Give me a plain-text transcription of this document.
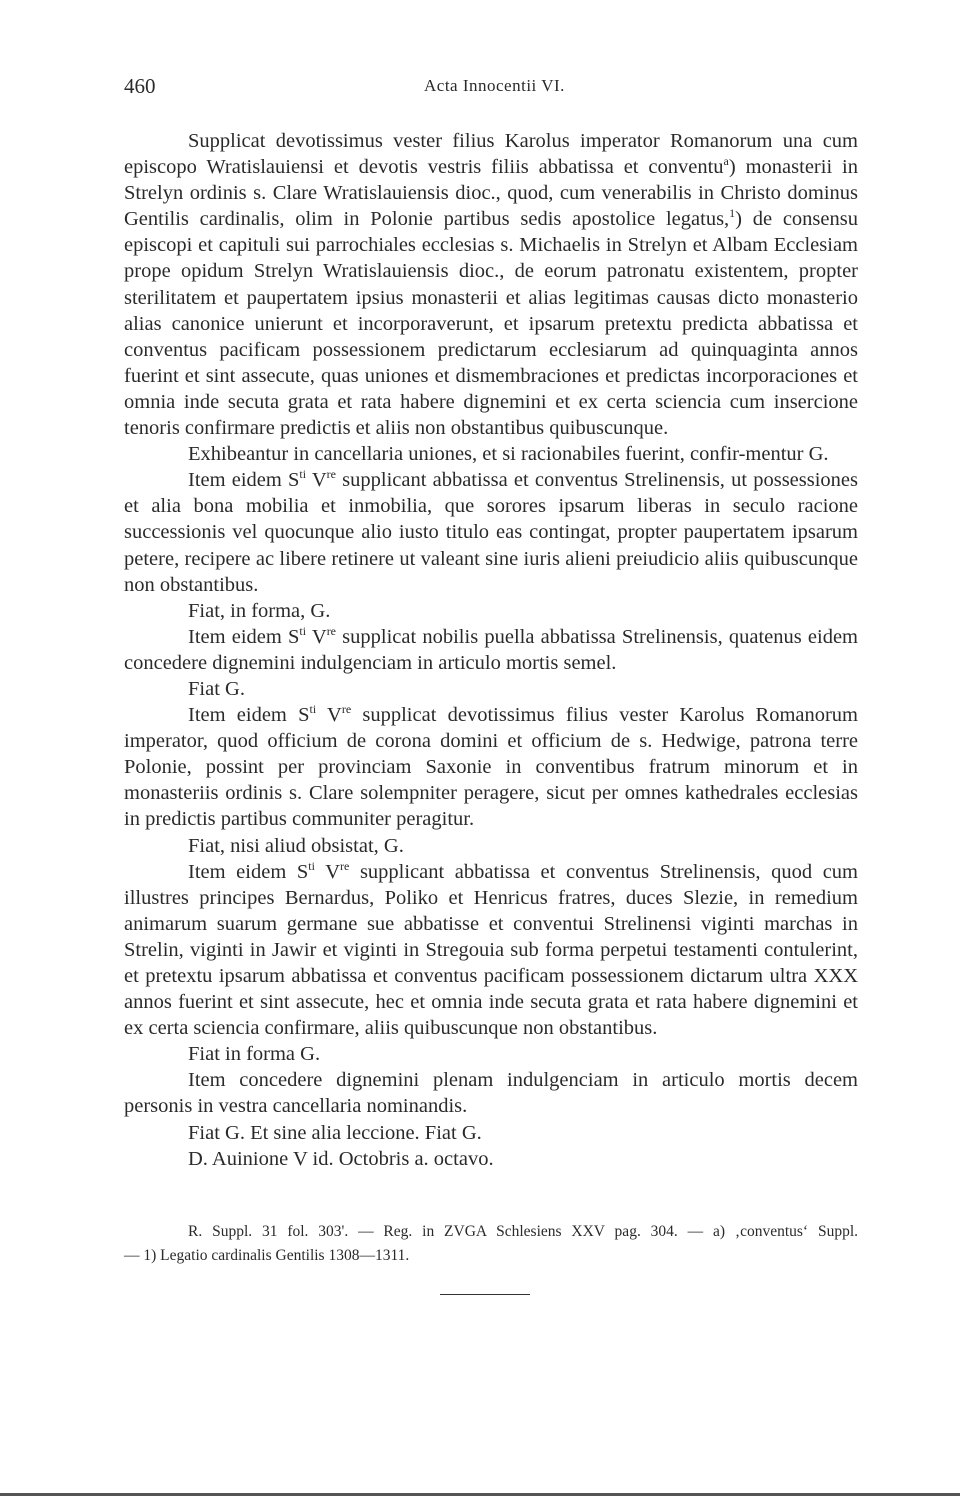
460	Acta Innocentii VI.

Supplicat devotissimus vester filius Karolus imperator Romanorum una cum episcopo Wratislauiensi et devotis vestris filiis abbatissa et conventu$^a$) monasterii in Strelyn ordinis s. Clare Wratislauiensis dioc., quod, cum venerabilis in Christo dominus Gentilis cardinalis, olim in Polonie partibus sedis apostolice legatus,$^1$) de consensu episcopi et capituli sui parrochiales ecclesias s. Michaelis in Strelyn et Albam Ecclesiam prope opidum Strelyn Wratislauiensis dioc., de eorum patronatu existentem, propter sterilitatem et paupertatem ipsius monasterii et alias legitimas causas dicto monasterio alias canonice unierunt et incorporaverunt, et ipsarum pretextu predicta abbatissa et conventus pacificam possessionem predictarum ecclesiarum ad quinquaginta annos fuerint et sint assecute, quas uniones et dismembraciones et predictas incorporaciones et omnia inde secuta grata et rata habere dignemini et ex certa sciencia cum insercione tenoris confirmare predictis et aliis non obstantibus quibuscunque.

Exhibeantur in cancellaria uniones, et si racionabiles fuerint, confir-mentur G.

Item eidem $S^{ti}$ Vre supplicant abbatissa et conventus Strelinensis, ut possessiones et alia bona mobilia et inmobilia, que sorores ipsarum liberas in seculo racione successionis vel quocunque alio iusto titulo eas contingat, propter paupertatem ipsarum petere, recipere ac libere retinere ut valeant sine iuris alieni preiudicio aliis quibuscunque non obstantibus.

Fiat, in forma, G.

Item eidem $S^{ti}$ Vre supplicat nobilis puella abbatissa Strelinensis, quatenus eidem concedere dignemini indulgenciam in articulo mortis semel.

Fiat G.

Item eidem $S^{ti}$ Vre supplicat devotissimus filius vester Karolus Romanorum imperator, quod officium de corona domini et officium de s. Hedwige, patrona terre Polonie, possint per provinciam Saxonie in conventibus fratrum minorum et in monasteriis ordinis s. Clare solempniter peragere, sicut per omnes kathedrales ecclesias in predictis partibus communiter peragitur.

Fiat, nisi aliud obsistat, G.

Item eidem $S^{ti}$ Vre supplicant abbatissa et conventus Strelinensis, quod cum illustres principes Bernardus, Poliko et Henricus fratres, duces Slezie, in remedium animarum suarum germane sue abbatisse et conventui Strelinensi viginti marchas in Strelin, viginti in Jawir et viginti in Stregouia sub forma perpetui testamenti contulerint, et pretextu ipsarum abbatissa et conventus pacificam possessionem dictarum ultra XXX annos fuerint et sint assecute, hec et omnia inde secuta grata et rata habere dignemini et ex certa sciencia confirmare, aliis quibuscunque non obstantibus.

Fiat in forma G.

Item concedere dignemini plenam indulgenciam in articulo mortis decem personis in vestra cancellaria nominandis.

Fiat G. Et sine alia leccione. Fiat G.

D. Auinione V id. Octobris a. octavo.

R. Suppl. 31 fol. 303'. — Reg. in ZVGA Schlesiens XXV pag. 304. — a) ‚conventus‘ Suppl.

— 1) Legatio cardinalis Gentilis 1308—1311.
